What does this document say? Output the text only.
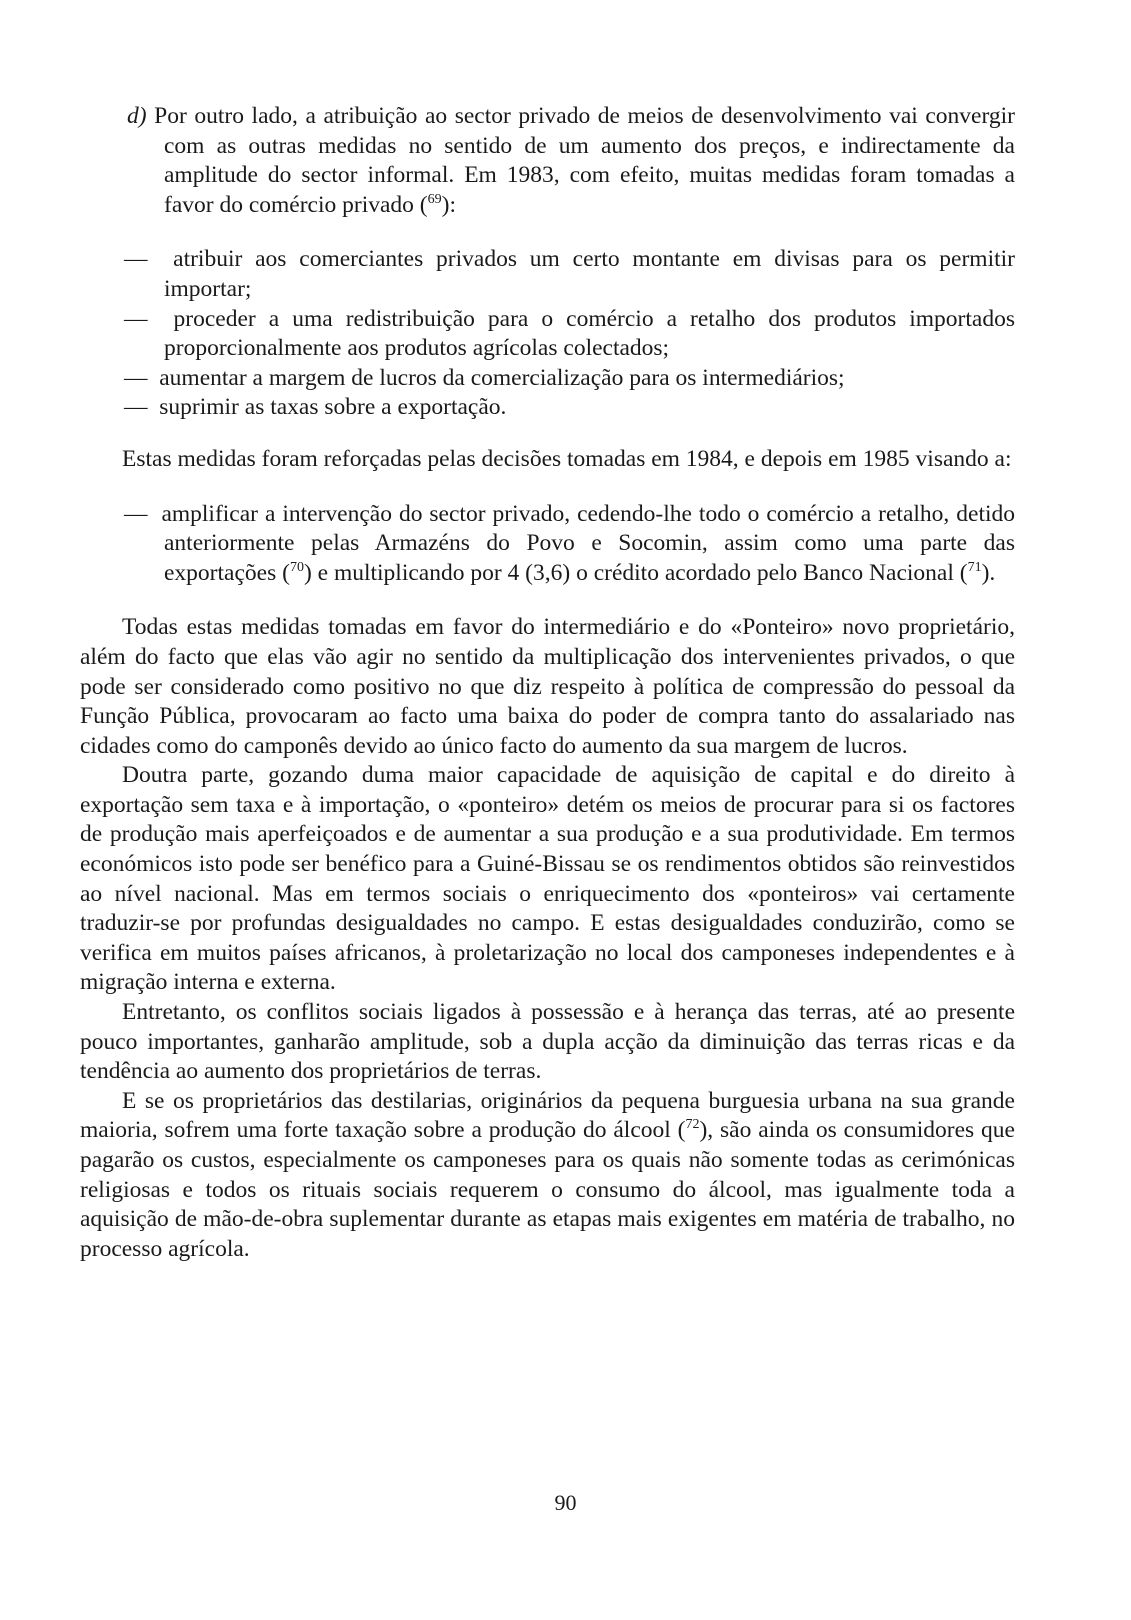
d) Por outro lado, a atribuição ao sector privado de meios de desenvolvimento vai convergir com as outras medidas no sentido de um aumento dos preços, e indirectamente da amplitude do sector informal. Em 1983, com efeito, muitas medidas foram tomadas a favor do comércio privado ($^{69}$):

— atribuir aos comerciantes privados um certo montante em divisas para os permitir importar;

— proceder a uma redistribuição para o comércio a retalho dos produtos importados proporcionalmente aos produtos agrícolas colectados;

— aumentar a margem de lucros da comercialização para os intermediários;

— suprimir as taxas sobre a exportação.

Estas medidas foram reforçadas pelas decisões tomadas em 1984, e depois em 1985 visando a:

— amplificar a intervenção do sector privado, cedendo-lhe todo o comércio a retalho, detido anteriormente pelas Armazéns do Povo e Socomin, assim como uma parte das exportações ($^{70}$) e multiplicando por 4 (3,6) o crédito acordado pelo Banco Nacional ($^{71}$).

Todas estas medidas tomadas em favor do intermediário e do «Ponteiro» novo proprietário, além do facto que elas vão agir no sentido da multiplicação dos intervenientes privados, o que pode ser considerado como positivo no que diz respeito à política de compressão do pessoal da Função Pública, provocaram ao facto uma baixa do poder de compra tanto do assalariado nas cidades como do camponês devido ao único facto do aumento da sua margem de lucros.

Doutra parte, gozando duma maior capacidade de aquisição de capital e do direito à exportação sem taxa e à importação, o «ponteiro» detém os meios de procurar para si os factores de produção mais aperfeiçoados e de aumentar a sua produção e a sua produtividade. Em termos económicos isto pode ser benéfico para a Guiné-Bissau se os rendimentos obtidos são reinvestidos ao nível nacional. Mas em termos sociais o enriquecimento dos «ponteiros» vai certamente traduzir-se por profundas desigualdades no campo. E estas desigualdades conduzirão, como se verifica em muitos países africanos, à proletarização no local dos camponeses independentes e à migração interna e externa.

Entretanto, os conflitos sociais ligados à possessão e à herança das terras, até ao presente pouco importantes, ganharão amplitude, sob a dupla acção da diminuição das terras ricas e da tendência ao aumento dos proprietários de terras.

E se os proprietários das destilarias, originários da pequena burguesia urbana na sua grande maioria, sofrem uma forte taxação sobre a produção do álcool ($^{72}$), são ainda os consumidores que pagarão os custos, especialmente os camponeses para os quais não somente todas as cerimónicas religiosas e todos os rituais sociais requerem o consumo do álcool, mas igualmente toda a aquisição de mão-de-obra suplementar durante as etapas mais exigentes em matéria de trabalho, no processo agrícola.

90
